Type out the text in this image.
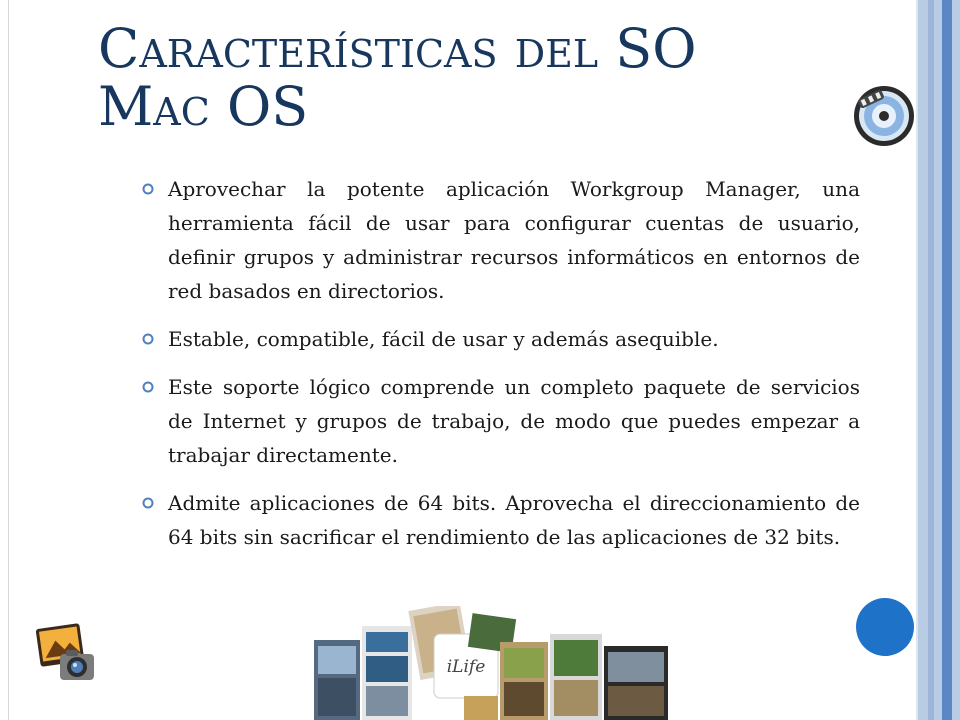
Características del SO
Mac OS
Aprovechar la potente aplicación Workgroup Manager, una herramienta fácil de usar para configurar cuentas de usuario, definir grupos y administrar recursos informáticos en entornos de red basados en directorios.
Estable, compatible, fácil de usar y además asequible.
Este soporte lógico comprende un completo paquete de servicios de Internet y grupos de trabajo, de modo que puedes empezar a trabajar directamente.
Admite aplicaciones de 64 bits. Aprovecha el direccionamiento de 64 bits sin sacrificar el rendimiento de las aplicaciones de 32 bits.
iLife
